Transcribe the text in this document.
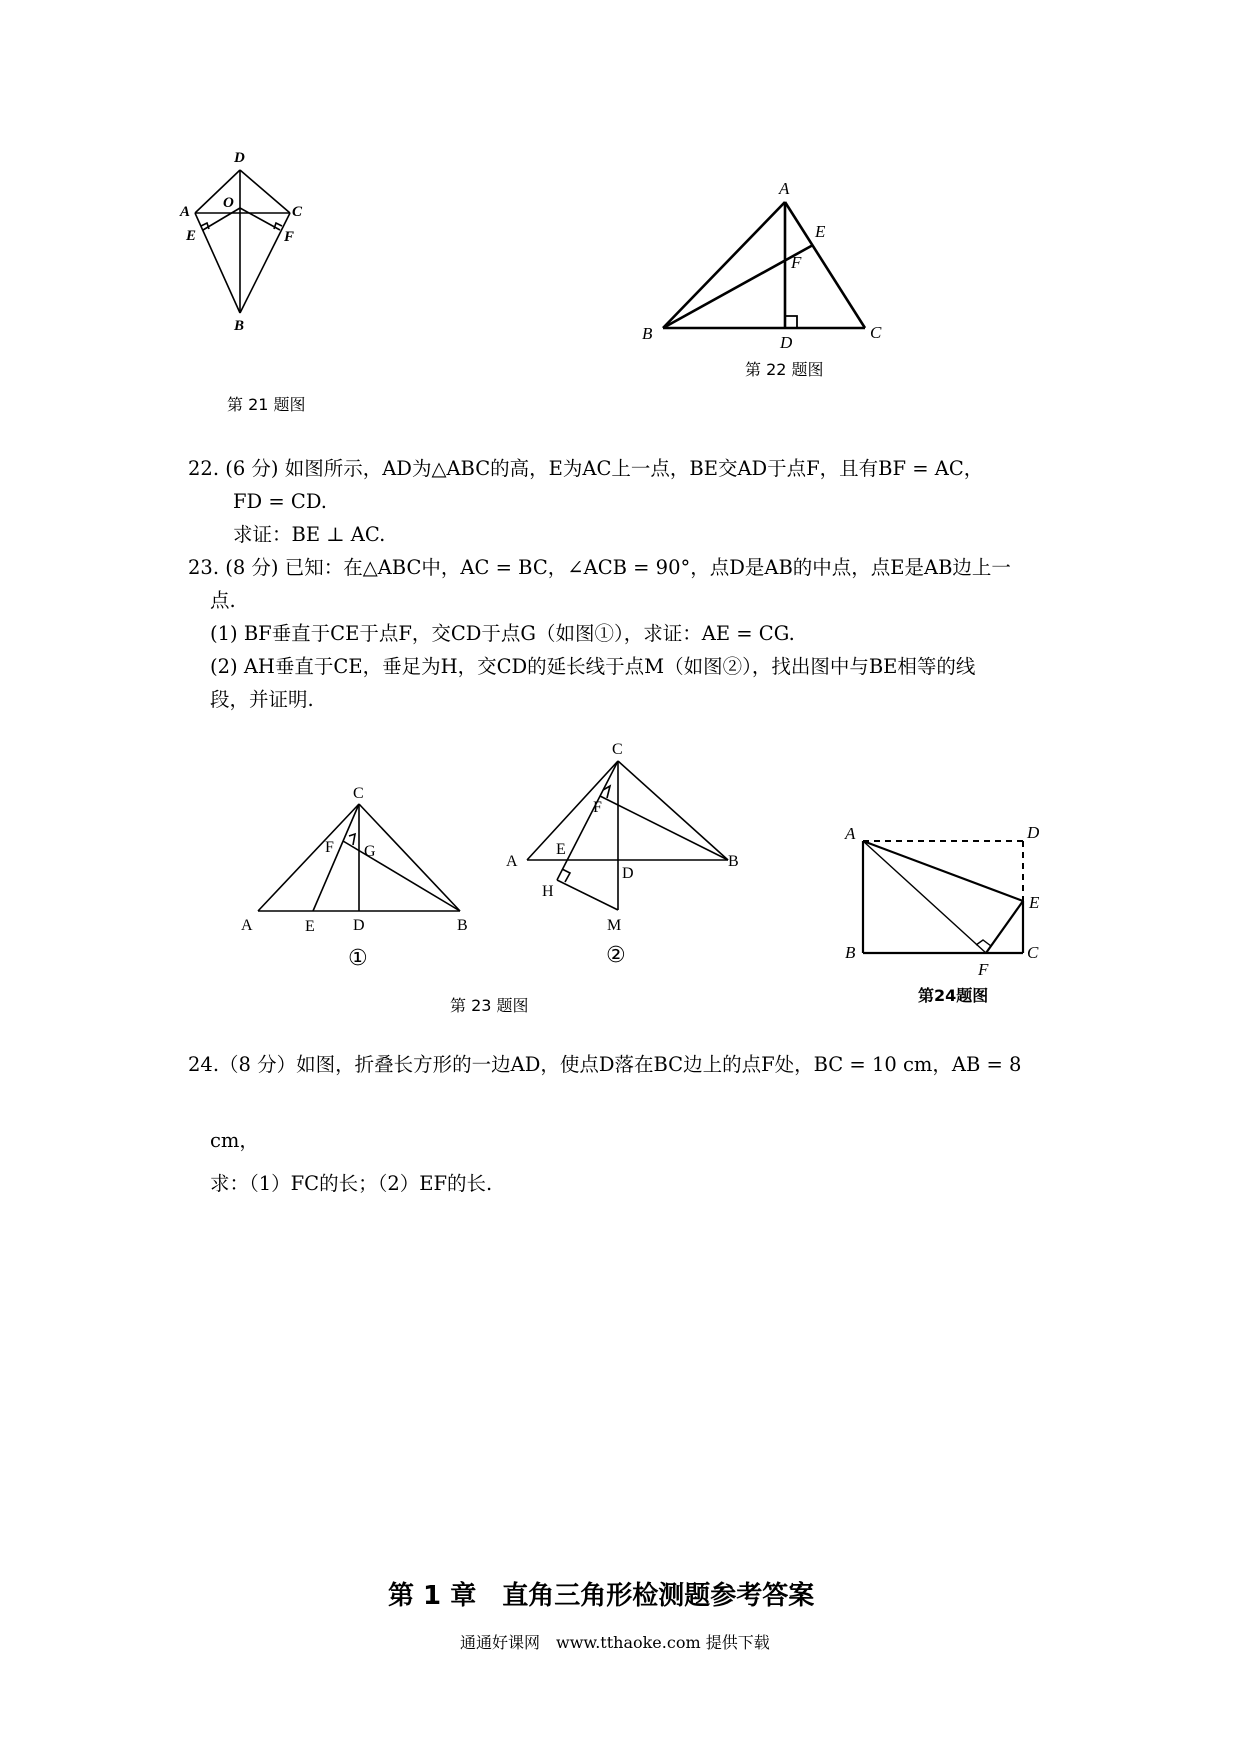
D
O
A	C
E	F
B
第 21 题图
A
E
F
B	D
C
第 22 题图
22. (6 分) 如图所示，AD为△ABC的高，E为AC上一点，BE交AD于点F，且有BF = AC，
FD = CD.
求证：BE ⊥ AC.
23. (8 分) 已知：在△ABC中，AC = BC，∠ACB = 90°，点D是AB的中点，点E是AB边上一
点.
(1) BF垂直于CE于点F，交CD于点G（如图①），求证：AE = CG.
(2) AH垂直于CE，垂足为H，交CD的延长线于点M（如图②），找出图中与BE相等的线
段，并证明.
C
F G
A	E D	B
①
C
F
E
A
D
B
H
M
②
第 23 题图
A	D
E
B
F
C
第24题图
24.（8 分）如图，折叠长方形的一边AD，使点D落在BC边上的点F处，BC = 10 cm，AB = 8
cm，
求：（1）FC的长；（2）EF的长.
第 1 章　直角三角形检测题参考答案
通通好课网　www.tthaoke.com 提供下载
